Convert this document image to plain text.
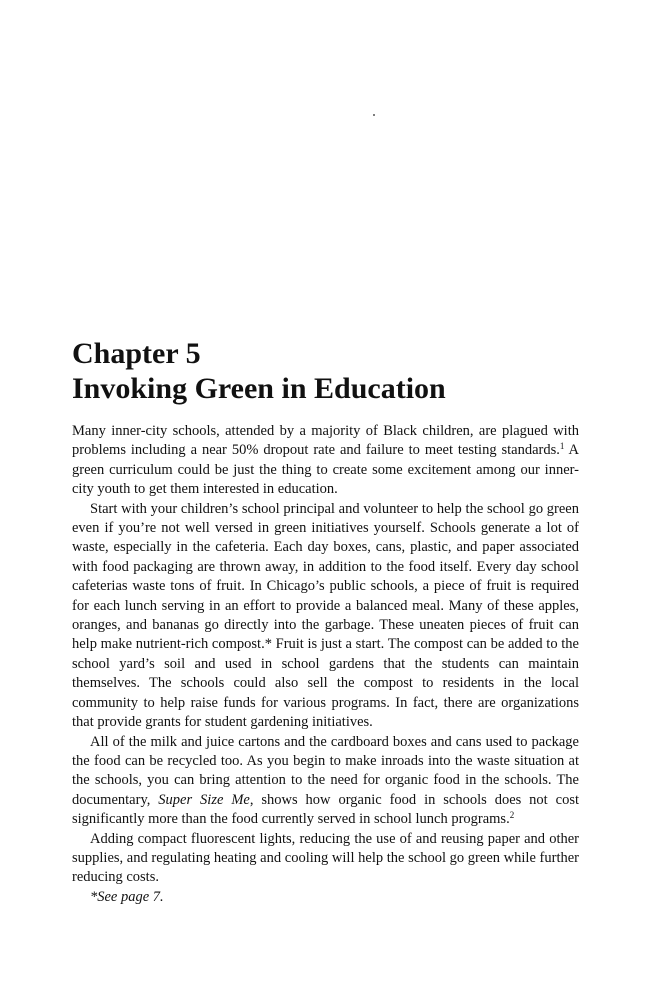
Chapter 5
Invoking Green in Education

Many inner-city schools, attended by a majority of Black children, are plagued with problems including a near 50% dropout rate and failure to meet testing standards.$^1$ A green curriculum could be just the thing to create some excitement among our inner-city youth to get them interested in education.

Start with your children’s school principal and volunteer to help the school go green even if you’re not well versed in green initiatives yourself. Schools generate a lot of waste, especially in the cafeteria. Each day boxes, cans, plastic, and paper associated with food packaging are thrown away, in addition to the food itself. Every day school cafeterias waste tons of fruit. In Chicago’s public schools, a piece of fruit is required for each lunch serving in an effort to provide a balanced meal. Many of these apples, oranges, and bananas go directly into the garbage. These uneaten pieces of fruit can help make nutrient-rich compost.* Fruit is just a start. The compost can be added to the school yard’s soil and used in school gardens that the students can maintain themselves. The schools could also sell the compost to residents in the local community to help raise funds for various programs. In fact, there are organizations that provide grants for student gardening initiatives.

All of the milk and juice cartons and the cardboard boxes and cans used to package the food can be recycled too. As you begin to make inroads into the waste situation at the schools, you can bring attention to the need for organic food in the schools. The documentary, Super Size Me, shows how organic food in schools does not cost significantly more than the food currently served in school lunch programs.$^2$

Adding compact fluorescent lights, reducing the use of and reusing paper and other supplies, and regulating heating and cooling will help the school go green while further reducing costs.

*See page 7.
